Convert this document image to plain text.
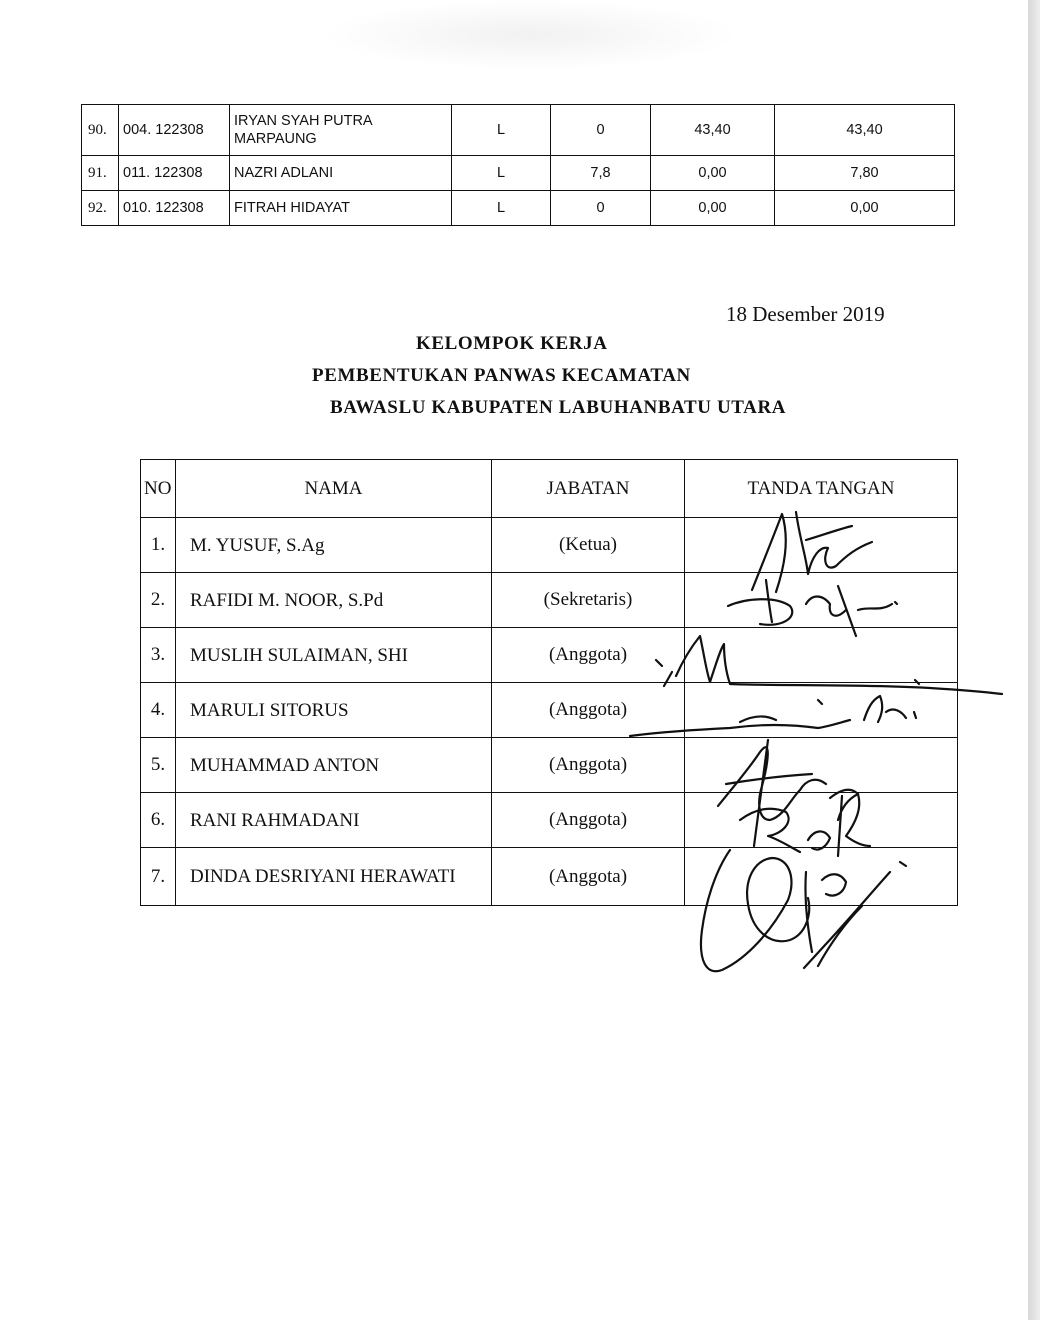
90.	004. 122308	IRYAN SYAH PUTRA MARPAUNG	L	0	43,40	43,40
91.	011. 122308	NAZRI ADLANI	L	7,8	0,00	7,80
92.	010. 122308	FITRAH HIDAYAT	L	0	0,00	0,00
18 Desember 2019
KELOMPOK KERJA
PEMBENTUKAN PANWAS KECAMATAN
BAWASLU KABUPATEN LABUHANBATU UTARA
NO	NAMA	JABATAN	TANDA TANGAN
1.	M. YUSUF, S.Ag	(Ketua)	
2.	RAFIDI M. NOOR, S.Pd	(Sekretaris)	
3.	MUSLIH SULAIMAN, SHI	(Anggota)	
4.	MARULI SITORUS	(Anggota)	
5.	MUHAMMAD ANTON	(Anggota)	
6.	RANI RAHMADANI	(Anggota)	
7.	DINDA DESRIYANI HERAWATI	(Anggota)	
